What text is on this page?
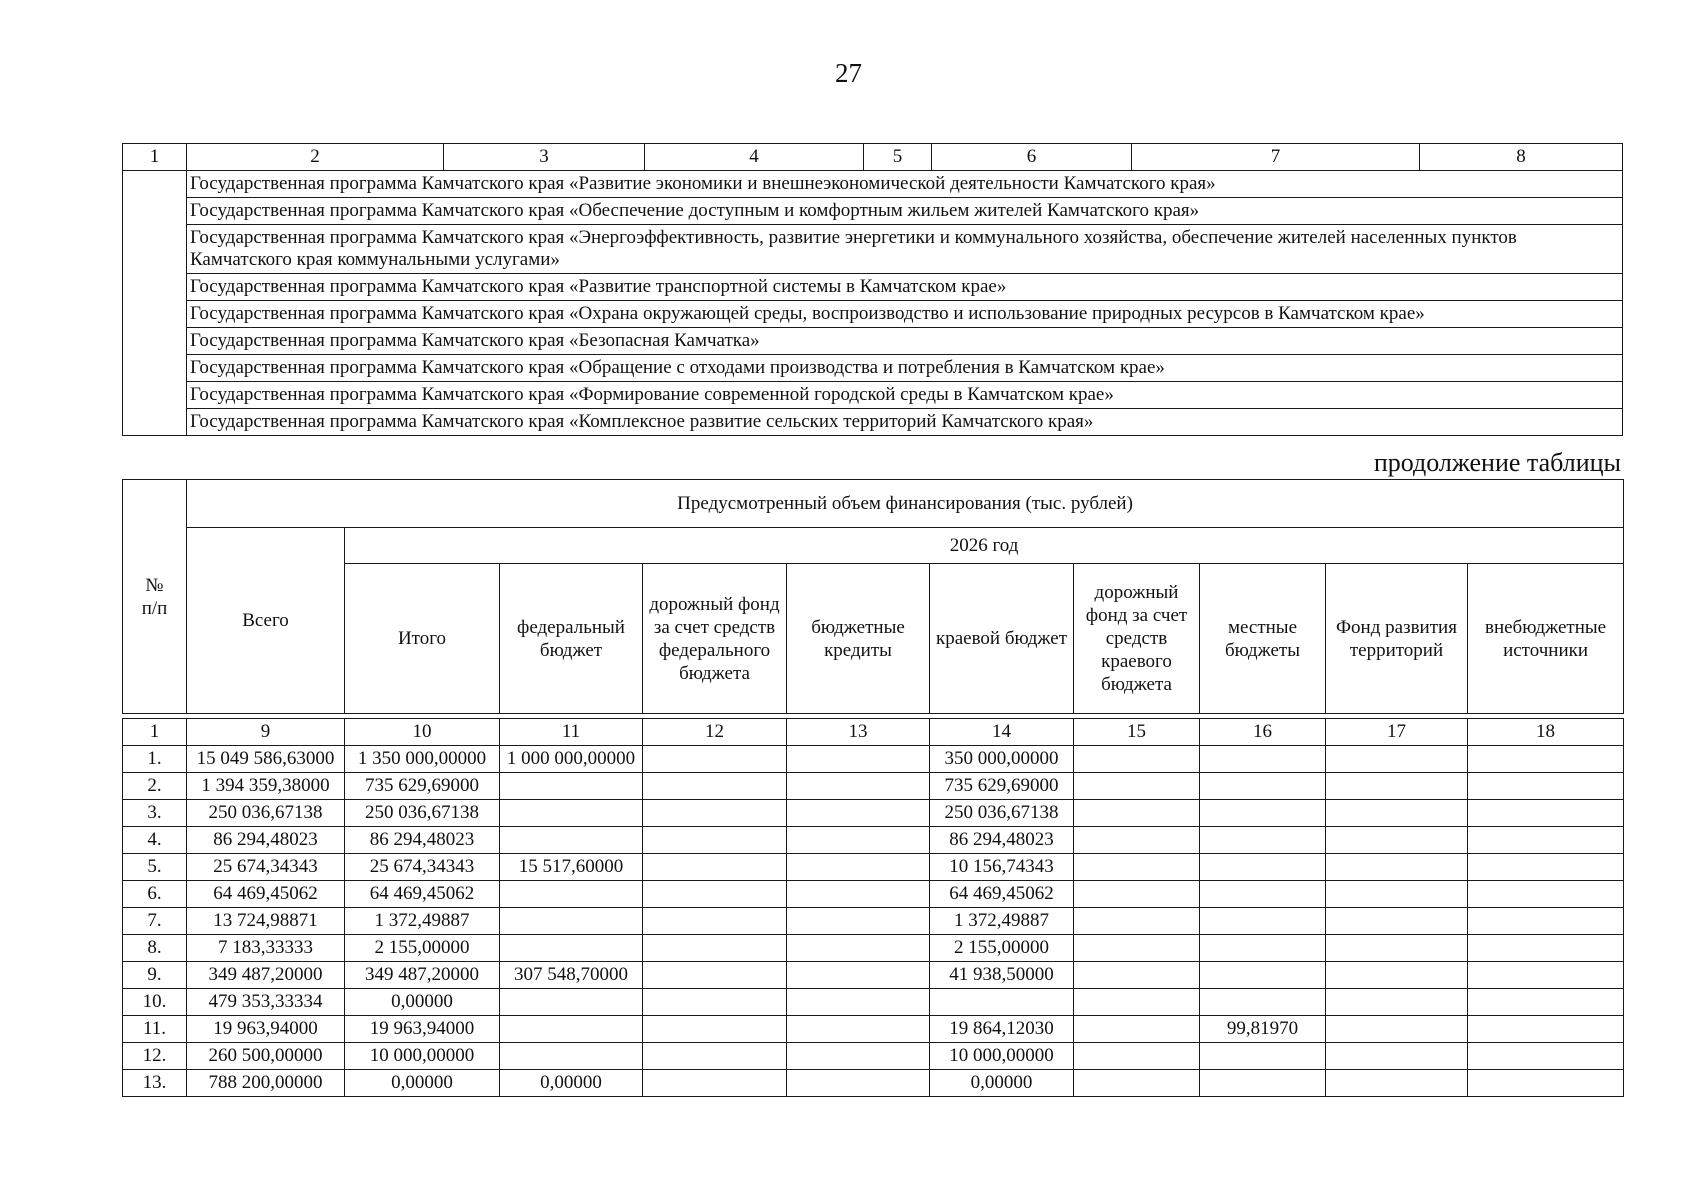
27
1	2	3	4	5	6	7	8
	Государственная программа Камчатского края «Развитие экономики и внешнеэкономической деятельности Камчатского края»						
	Государственная программа Камчатского края «Обеспечение доступным и комфортным жильем жителей Камчатского края»						
	Государственная программа Камчатского края «Энергоэффективность, развитие энергетики и коммунального хозяйства, обеспечение жителей населенных пунктов Камчатского края коммунальными услугами»						
	Государственная программа Камчатского края «Развитие транспортной системы в Камчатском крае»						
	Государственная программа Камчатского края «Охрана окружающей среды, воспроизводство и использование природных ресурсов в Камчатском крае»						
	Государственная программа Камчатского края «Безопасная Камчатка»						
	Государственная программа Камчатского края «Обращение с отходами производства и потребления в Камчатском крае»						
	Государственная программа Камчатского края «Формирование современной городской среды в Камчатском крае»						
	Государственная программа Камчатского края «Комплексное развитие сельских территорий Камчатского края»						
продолжение таблицы
№
п/п	Предусмотренный объем финансирования (тыс. рублей)									
	Всего	2026 год								
		Итого	федеральный бюджет	дорожный фонд за счет средств федерального бюджета	бюджетные кредиты	краевой бюджет	дорожный фонд за счет средств краевого бюджета	местные бюджеты	Фонд развития территорий	внебюджетные источники
1	9	10	11	12	13	14	15	16	17	18
1.	15 049 586,63000	1 350 000,00000	1 000 000,00000			350 000,00000				
2.	1 394 359,38000	735 629,69000				735 629,69000				
3.	250 036,67138	250 036,67138				250 036,67138				
4.	86 294,48023	86 294,48023				86 294,48023				
5.	25 674,34343	25 674,34343	15 517,60000			10 156,74343				
6.	64 469,45062	64 469,45062				64 469,45062				
7.	13 724,98871	1 372,49887				1 372,49887				
8.	7 183,33333	2 155,00000				2 155,00000				
9.	349 487,20000	349 487,20000	307 548,70000			41 938,50000				
10.	479 353,33334	0,00000								
11.	19 963,94000	19 963,94000				19 864,12030		99,81970		
12.	260 500,00000	10 000,00000				10 000,00000				
13.	788 200,00000	0,00000	0,00000			0,00000				
